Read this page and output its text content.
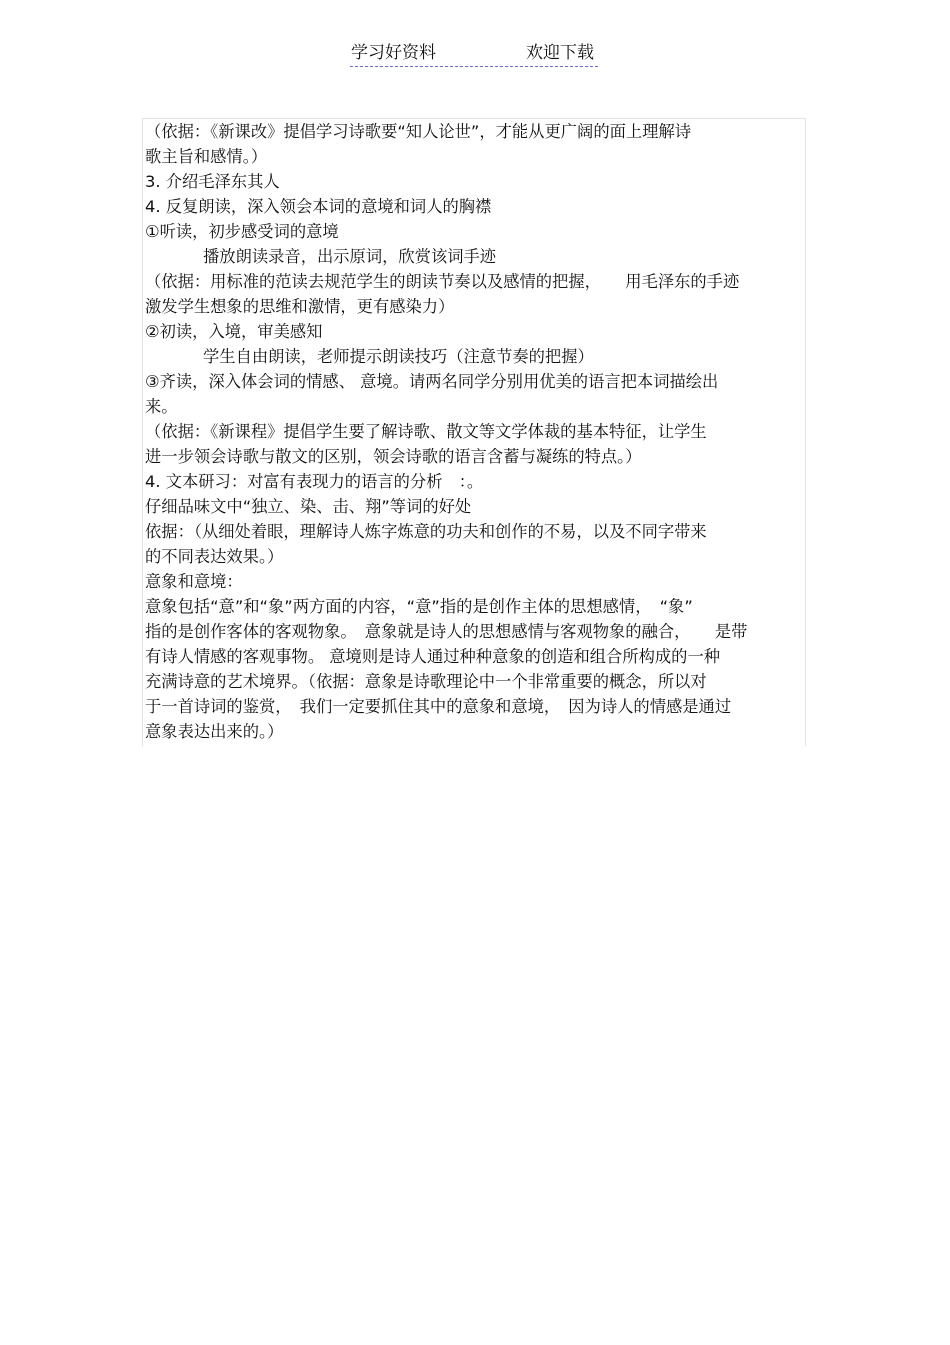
学习好资料	欢迎下载
（依据：《新课改》提倡学习诗歌要“知人论世”，才能从更广阔的面上理解诗
歌主旨和感情。）
3. 介绍毛泽东其人
4. 反复朗读，深入领会本词的意境和词人的胸襟
①听读，初步感受词的意境
播放朗读录音，出示原词，欣赏该词手迹
（依据：用标准的范读去规范学生的朗读节奏以及感情的把握，　　用毛泽东的手迹
激发学生想象的思维和激情，更有感染力）
②初读，入境，审美感知
学生自由朗读，老师提示朗读技巧（注意节奏的把握）
③齐读，深入体会词的情感、 意境。请两名同学分别用优美的语言把本词描绘出
来。
（依据：《新课程》提倡学生要了解诗歌、散文等文学体裁的基本特征，让学生
进一步领会诗歌与散文的区别，领会诗歌的语言含蓄与凝练的特点。）
4. 文本研习：对富有表现力的语言的分析　：。
仔细品味文中“独立、染、击、翔”等词的好处
依据：（从细处着眼，理解诗人炼字炼意的功夫和创作的不易，以及不同字带来
的不同表达效果。）
意象和意境：
意象包括“意”和“象”两方面的内容，“意”指的是创作主体的思想感情，　“象”
指的是创作客体的客观物象。　意象就是诗人的思想感情与客观物象的融合，　　是带
有诗人情感的客观事物。 意境则是诗人通过种种意象的创造和组合所构成的一种
充满诗意的艺术境界。（依据：意象是诗歌理论中一个非常重要的概念，所以对
于一首诗词的鉴赏，　我们一定要抓住其中的意象和意境，　因为诗人的情感是通过
意象表达出来的。）
